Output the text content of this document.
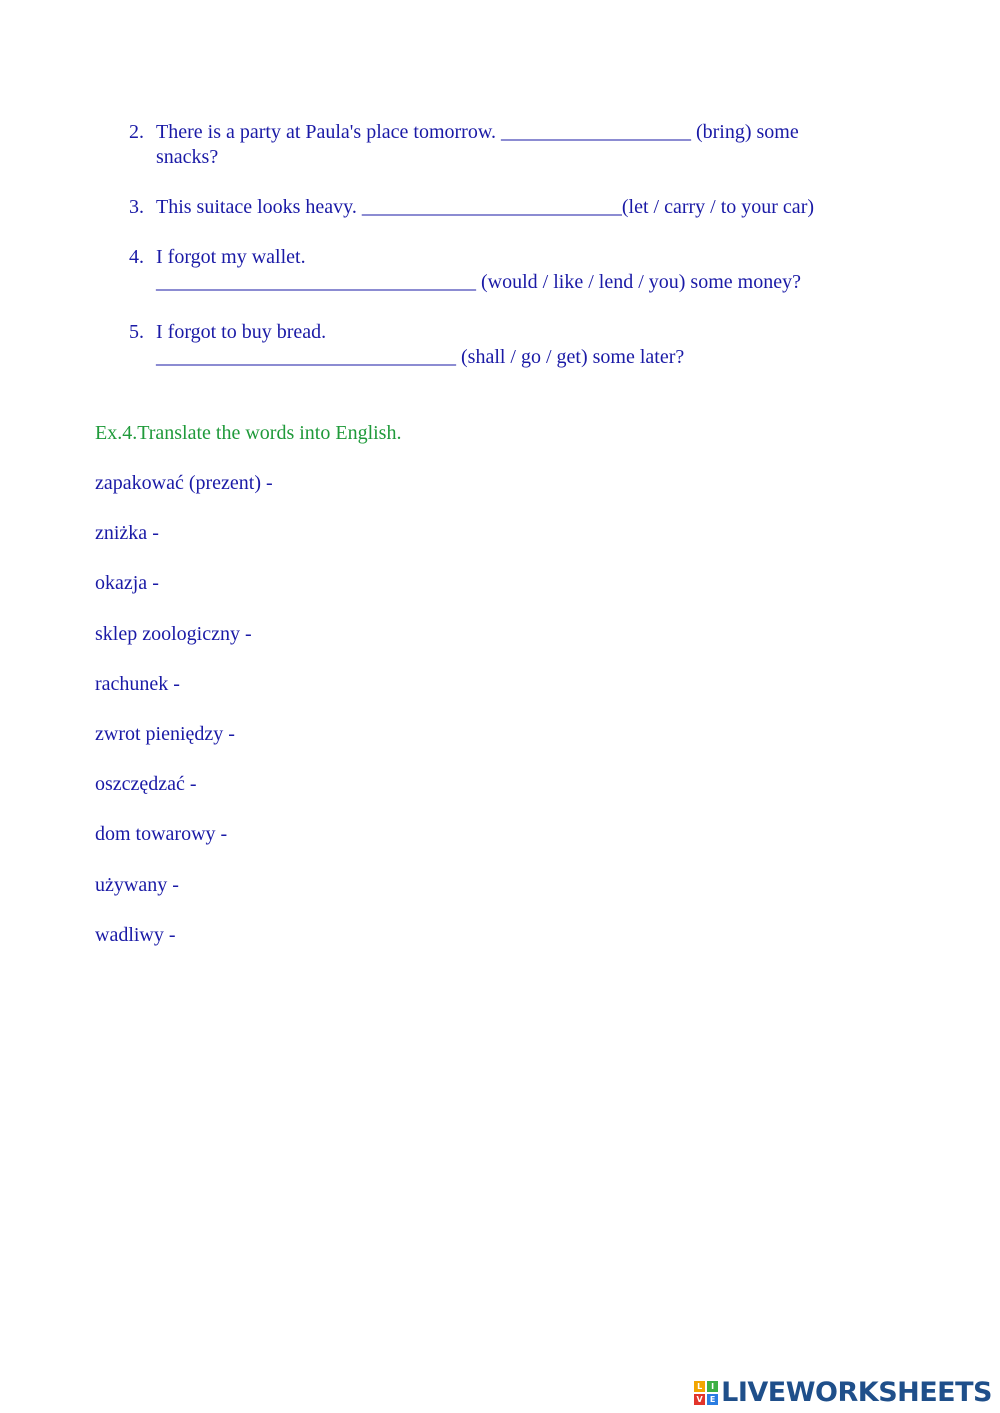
2. There is a party at Paula's place tomorrow. ___________________ (bring) some
snacks?
3. This suitace looks heavy. __________________________(let / carry / to your car)
4. I forgot my wallet.
________________________________ (would / like / lend / you) some money?
5. I forgot to buy bread.
______________________________ (shall / go / get) some later?
Ex.4.Translate the words into English.
zapakować (prezent) -
zniżka -
okazja -
sklep zoologiczny -
rachunek -
zwrot pieniędzy -
oszczędzać -
dom towarowy -
używany -
wadliwy -
L	I
V E LIVEWORKSHEETS
